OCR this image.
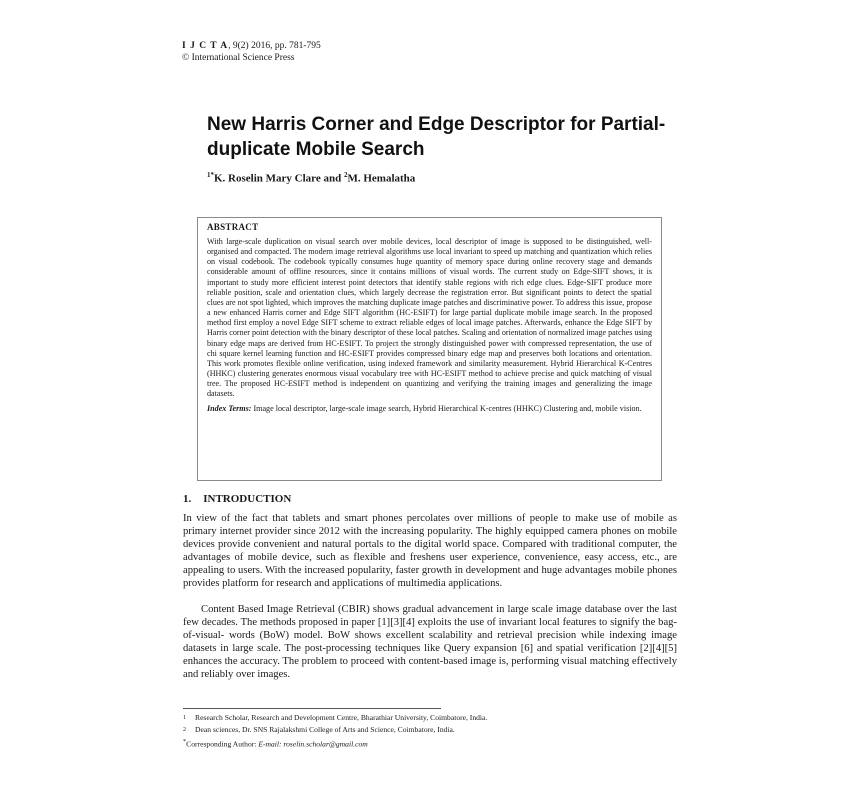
I J C T A, 9(2) 2016, pp. 781-795
© International Science Press
New Harris Corner and Edge Descriptor for Partial-duplicate Mobile Search
$^{1*}$K. Roselin Mary Clare and $^2$M. Hemalatha
ABSTRACT

With large-scale duplication on visual search over mobile devices, local descriptor of image is supposed to be distinguished, well-organised and compacted. The modern image retrieval algorithms use local invariant to speed up matching and quantization which relies on visual codebook. The codebook typically consumes huge quantity of memory space during online recovery stage and demands considerable amount of offline resources, since it contains millions of visual words. The current study on Edge-SIFT shows, it is important to study more efficient interest point detectors that identify stable regions with rich edge clues. Edge-SIFT produce more reliable position, scale and orientation clues, which largely decrease the registration error. But significant points to detect the spatial clues are not spot lighted, which improves the matching duplicate image patches and discriminative power. To address this issue, propose a new enhanced Harris corner and Edge SIFT algorithm (HC-ESIFT) for large partial duplicate mobile image search. In the proposed method first employ a novel Edge SIFT scheme to extract reliable edges of local image patches. Afterwards, enhance the Edge SIFT by Harris corner point detection with the binary descriptor of these local patches. Scaling and orientation of normalized image patches using binary edge maps are derived from HC-ESIFT. To project the strongly distinguished power with compressed representation, the use of chi square kernel learning function and HC-ESIFT provides compressed binary edge map and preserves both locations and orientation. This work promotes flexible online verification, using indexed framework and similarity measurement. Hybrid Hierarchical K-Centres (HHKC) clustering generates enormous visual vocabulary tree with HC-ESIFT method to achieve precise and quick matching of visual tree. The proposed HC-ESIFT method is independent on quantizing and verifying the training images and generalizing the image datasets.

Index Terms: Image local descriptor, large-scale image search, Hybrid Hierarchical K-centres (HHKC) Clustering and, mobile vision.
1. INTRODUCTION

In view of the fact that tablets and smart phones percolates over millions of people to make use of mobile as primary internet provider since 2012 with the increasing popularity. The highly equipped camera phones on mobile devices provide convenient and natural portals to the digital world space. Compared with traditional computer, the advantages of mobile device, such as flexible and freshens user experience, convenience, easy access, etc., are appealing to users. With the increased popularity, faster growth in development and huge advantages mobile phones provides platform for research and applications of multimedia applications.

Content Based Image Retrieval (CBIR) shows gradual advancement in large scale image database over the last few decades. The methods proposed in paper [1][3][4] exploits the use of invariant local features to signify the bag-of-visual- words (BoW) model. BoW shows excellent scalability and retrieval precision while indexing image datasets in large scale. The post-processing techniques like Query expansion [6] and spatial verification [2][4][5] enhances the accuracy. The problem to proceed with content-based image is, performing visual matching effectively and reliably over images.

1	Research Scholar, Research and Development Centre, Bharathiar University, Coimbatore, India.
2	Dean sciences, Dr. SNS Rajalakshmi College of Arts and Science, Coimbatore, India.
*Corresponding Author: E-mail: roselin.scholar@gmail.com
